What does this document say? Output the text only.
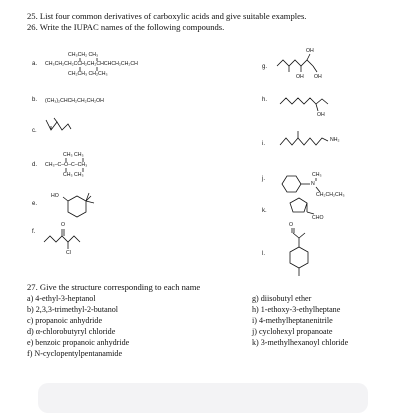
25. List four common derivatives of carboxylic acids and give suitable examples.
26. Write the IUPAC names of the following compounds.
a.
CH₃CH₂ CH₃
CH₃CH₂CH₂CCH₂CH₂CHCHCH₂CH₂CH
CH₂CH₃ CH₂CH₃
b. (CH₃)₂CHCH₂CH₂CH₂OH
c.
d.
CH₃ CH₃
CH₃–C–O–C–CH₃
CH₃ CH₃
e.
HO
f.
O
Cl
g.
OH
OH OH
h.
OH
i.
NH₂
j.
CH₃
N
CH₂CH₂CH₃
k.
CHO
l.
O
27. Give the structure corresponding to each name
a) 4-ethyl-3-heptanol
b) 2,3,3-trimethyl-2-butanol
c) propanoic anhydride
d) α-chlorobutyryl chloride
e) benzoic propanoic anhydride
f) N-cyclopentylpentanamide
g) diisobutyl ether
h) 1-ethoxy-3-ethylheptane
i) 4-methylheptanenitrile
j) cyclohexyl propanoate
k) 3-methylhexanoyl chloride
